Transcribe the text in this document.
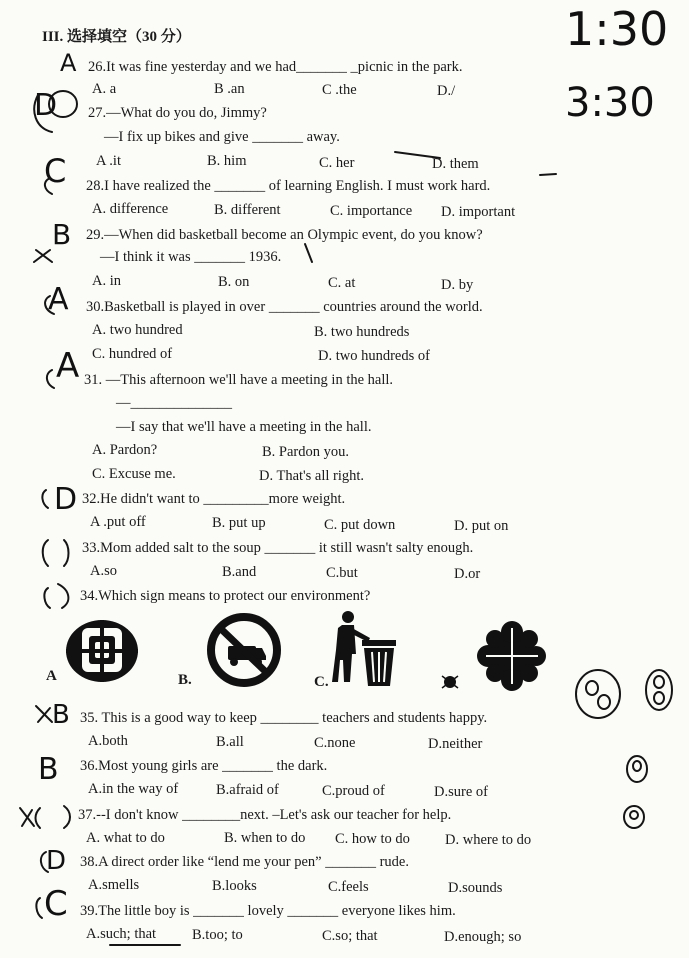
III. 选择填空（30 分）	1:30
3:30
A
D
C
B
A
A
D
B
B
D
C
26.It was fine yesterday and we had_______ _picnic in the park.
A. a	B .an	C .the	D./
27.—What do you do, Jimmy?
—I fix up bikes and give _______ away.
A .it	B. him	C. her	D. them
28.I have realized the _______ of learning English. I must work hard.
A. difference	B. different	C. importance D. important
29.—When did basketball become an Olympic event, do you know?
—I think it was _______ 1936.
A. in	B. on	C. at	D. by
30.Basketball is played in over _______ countries around the world.
A. two hundred	B. two hundreds
C. hundred of	D. two hundreds of
31. —This afternoon we'll have a meeting in the hall.
—______________
—I say that we'll have a meeting in the hall.
A. Pardon?	B. Pardon you.
C. Excuse me.	D. That's all right.
32.He didn't want to _________more weight.
A .put off	B. put up	C. put down	D. put on
33.Mom added salt to the soup _______ it still wasn't salty enough.
A.so	B.and	C.but	D.or
34.Which sign means to protect our environment?
A	B.	C.
35. This is a good way to keep ________ teachers and students happy.
A.both	B.all	C.none	D.neither
36.Most young girls are _______ the dark.
A.in the way of	B.afraid of	C.proud of	D.sure of
37.--I don't know ________next. –Let's ask our teacher for help.
A. what to do	B. when to do C. how to do D. where to do
38.A direct order like “lend me your pen” _______ rude.
A.smells	B.looks	C.feels	D.sounds
39.The little boy is _______ lovely _______ everyone likes him.
A.such; that B.too; to	C.so; that	D.enough; so
